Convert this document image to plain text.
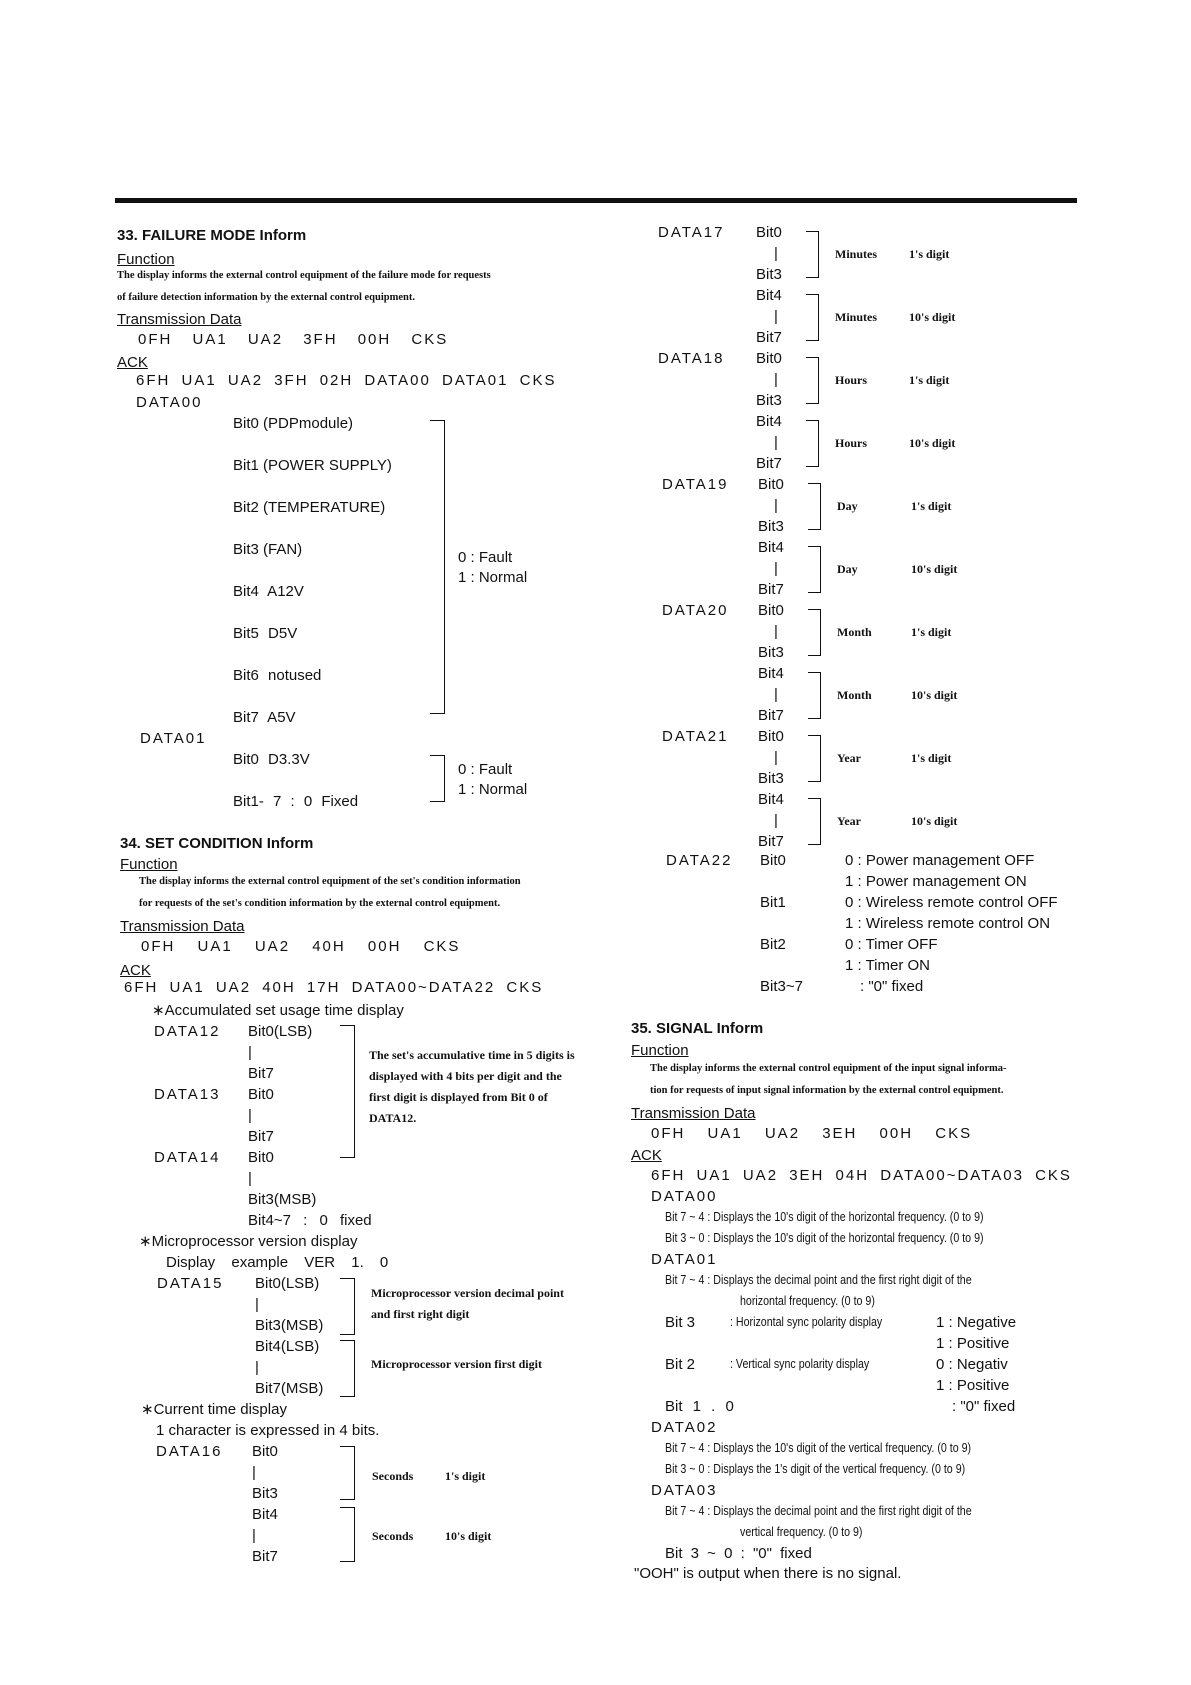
33. FAILURE MODE Inform
Function
The display informs the external control equipment of the failure mode for requests
of failure detection information by the external control equipment.
Transmission Data
0FH UA1 UA2 3FH 00H CKS
ACK
6FH UA1 UA2 3FH 02H DATA00 DATA01 CKS
DATA00
Bit0 (PDPmodule)
Bit1 (POWER SUPPLY)
Bit2 (TEMPERATURE)
Bit3 (FAN)
Bit4 A12V
Bit5 D5V
Bit6 notused
Bit7 A5V
0 : Fault
1 : Normal
DATA01
Bit0 D3.3V
Bit1- 7 : 0 Fixed
0 : Fault
1 : Normal
34. SET CONDITION Inform
Function
The display informs the external control equipment of the set's condition information
for requests of the set's condition information by the external control equipment.
Transmission Data
0FH UA1 UA2 40H 00H CKS
ACK
6FH UA1 UA2 40H 17H DATA00~DATA22 CKS
∗Accumulated set usage time display
DATA12 Bit0(LSB)
|
Bit7
DATA13 Bit0
|
Bit7
DATA14 Bit0
|
Bit3(MSB)
Bit4~7 : 0 fixed
The set's accumulative time in 5 digits is displayed with 4 bits per digit and the first digit is displayed from Bit 0 of DATA12.
∗Microprocessor version display
Display example VER 1. 0
DATA15 Bit0(LSB)
|
Bit3(MSB)
Bit4(LSB)
|
Bit7(MSB)
Microprocessor version decimal point and first right digit
Microprocessor version first digit
∗Current time display
1 character is expressed in 4 bits.
DATA16 Bit0
|
Bit3
Bit4
|
Bit7
Seconds	1's digit
Seconds	10's digit
DATA17 Bit0
|
Bit3
Bit4
|
Bit7
Minutes	1's digit
Minutes	10's digit
DATA18 Bit0
|
Bit3
Bit4
|
Bit7
Hours	1's digit
Hours	10's digit
DATA19 Bit0
|
Bit3
Bit4
|
Bit7
Day	1's digit
Day	10's digit
DATA20 Bit0
|
Bit3
Bit4
|
Bit7
Month	1's digit
Month	10's digit
DATA21 Bit0
|
Bit3
Bit4
|
Bit7
Year	1's digit
Year	10's digit
DATA22 Bit0	0 : Power management OFF
1 : Power management ON
Bit1	0 : Wireless remote control OFF
1 : Wireless remote control ON
Bit2	0 : Timer OFF
1 : Timer ON
Bit3~7	: "0" fixed
35. SIGNAL Inform
Function
The display informs the external control equipment of the input signal informa-
tion for requests of input signal information by the external control equipment.
Transmission Data
0FH UA1 UA2 3EH 00H CKS
ACK
6FH UA1 UA2 3EH 04H DATA00~DATA03 CKS
DATA00
Bit 7 ~ 4 : Displays the 10's digit of the horizontal frequency. (0 to 9)
Bit 3 ~ 0 : Displays the 10's digit of the horizontal frequency. (0 to 9)
DATA01
Bit 7 ~ 4 : Displays the decimal point and the first right digit of the
horizontal frequency. (0 to 9)
Bit 3	: Horizontal sync polarity display	1 : Negative
1 : Positive
Bit 2	: Vertical sync polarity display	0 : Negativ
1 : Positive
Bit 1 . 0	: "0" fixed
DATA02
Bit 7 ~ 4 : Displays the 10's digit of the vertical frequency. (0 to 9)
Bit 3 ~ 0 : Displays the 1's digit of the vertical frequency. (0 to 9)
DATA03
Bit 7 ~ 4 : Displays the decimal point and the first right digit of the
vertical frequency. (0 to 9)
Bit 3 ~ 0 : "0" fixed
"OOH" is output when there is no signal.
